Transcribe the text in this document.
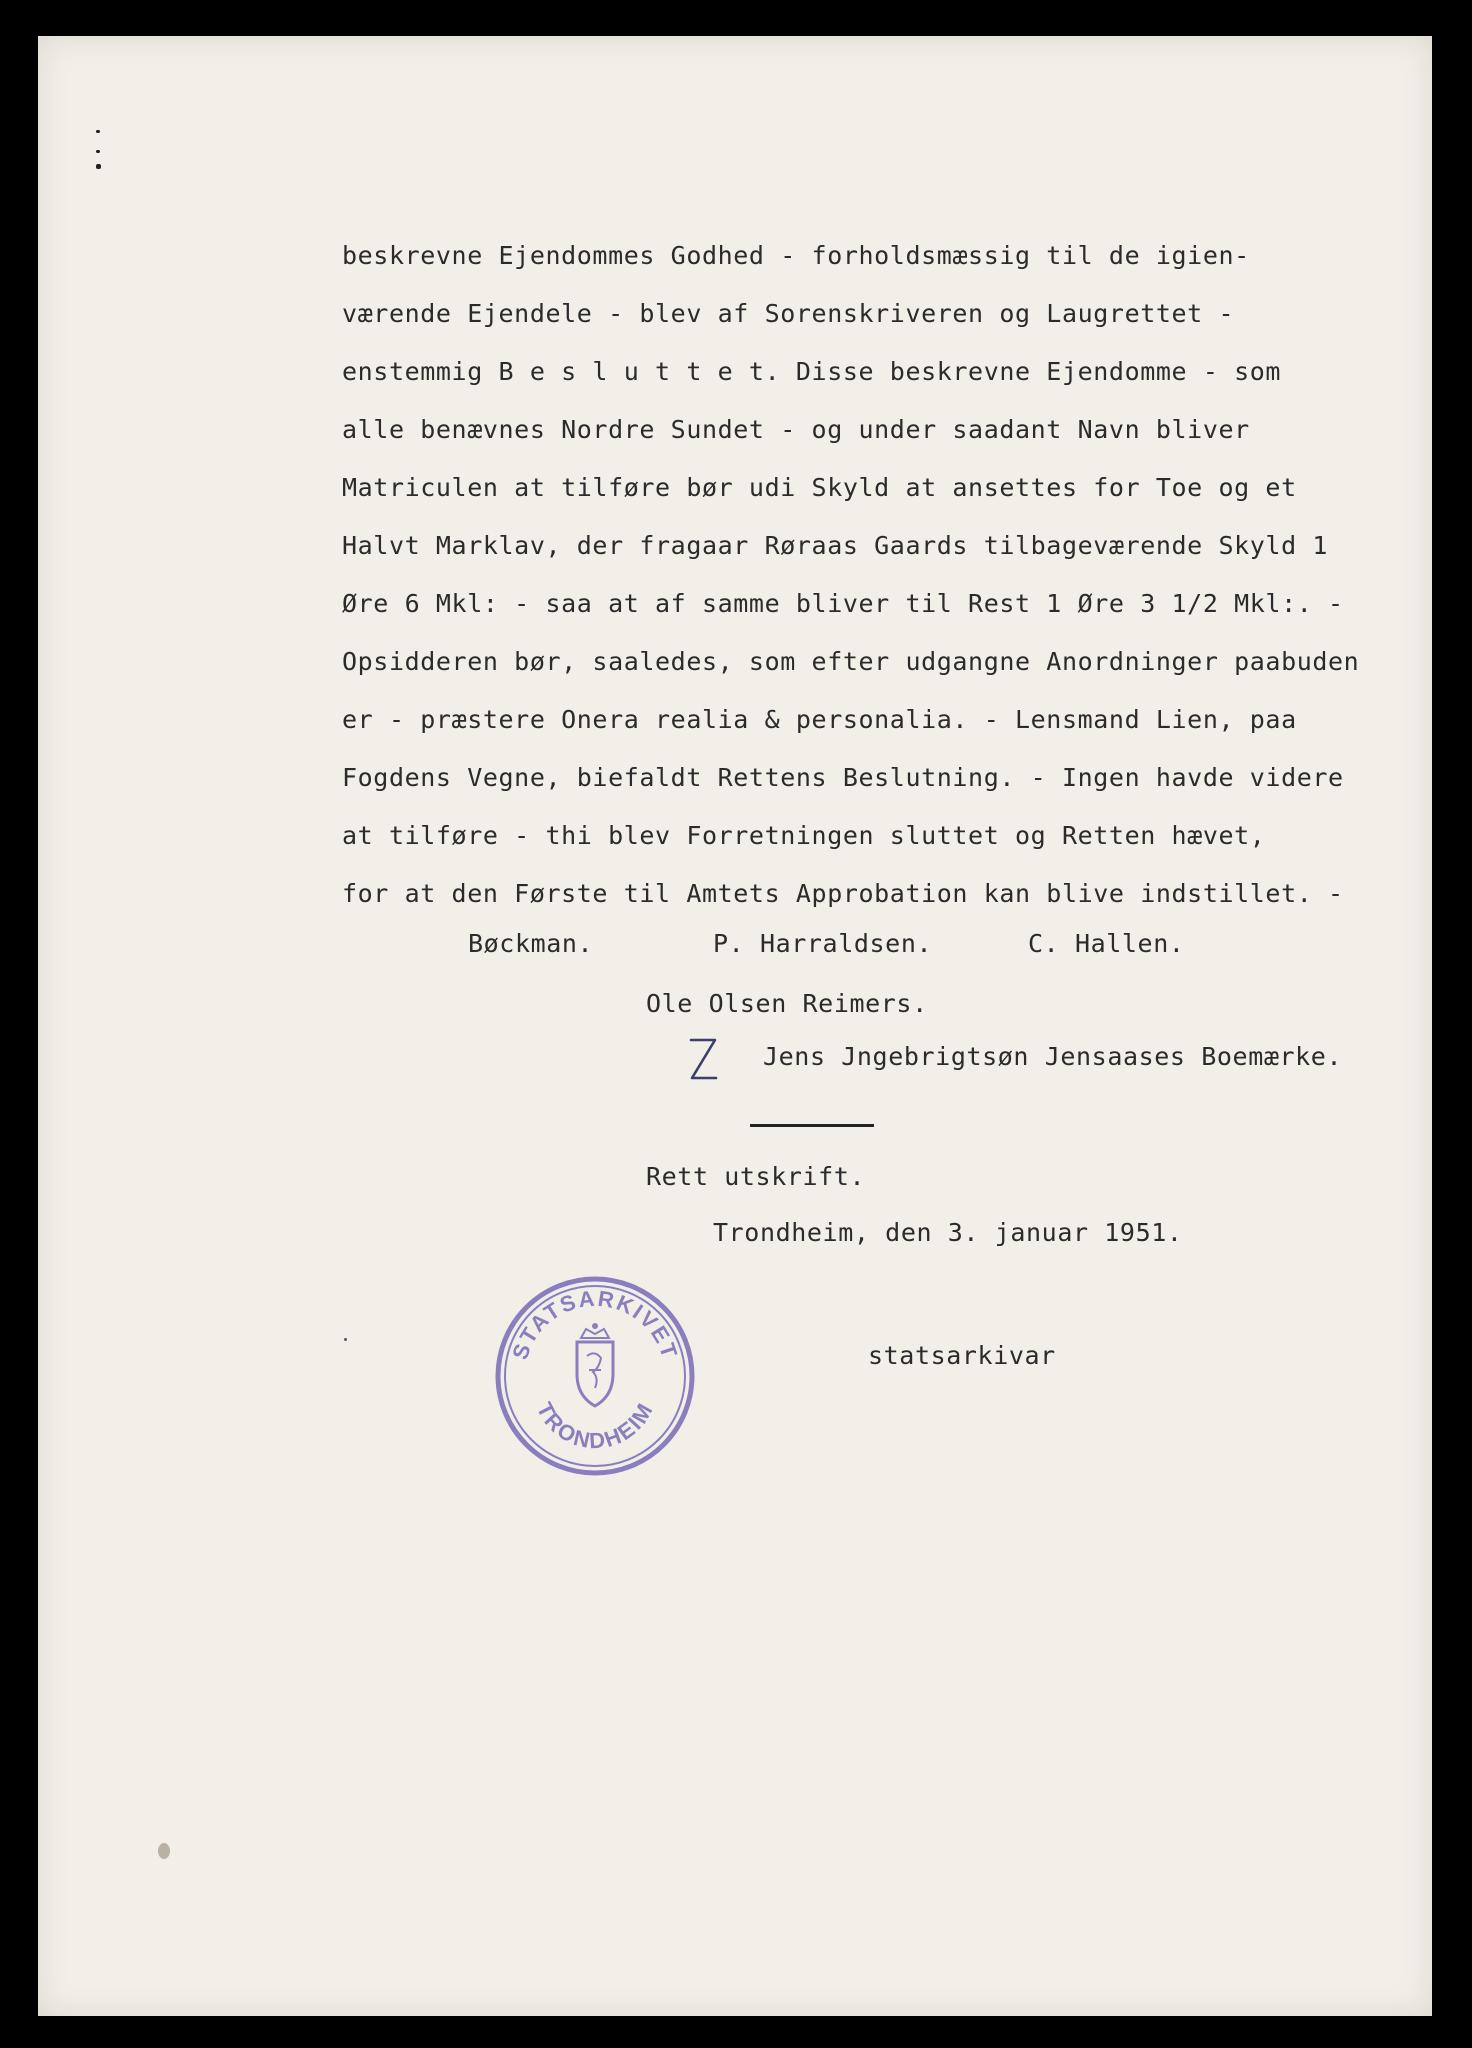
beskrevne Ejendommes Godhed - forholdsmæssig til de igien-
værende Ejendele - blev af Sorenskriveren og Laugrettet -
enstemmig B e s l u t t e t. Disse beskrevne Ejendomme - som
alle benævnes Nordre Sundet - og under saadant Navn bliver
Matriculen at tilføre bør udi Skyld at ansettes for Toe og et
Halvt Marklav, der fragaar Røraas Gaards tilbageværende Skyld 1
Øre 6 Mkl: - saa at af samme bliver til Rest 1 Øre 3 1/2 Mkl:. -
Opsidderen bør, saaledes, som efter udgangne Anordninger paabuden
er - præstere Onera realia & personalia. - Lensmand Lien, paa
Fogdens Vegne, biefaldt Rettens Beslutning. - Ingen havde videre
at tilføre - thi blev Forretningen sluttet og Retten hævet,
for at den Første til Amtets Approbation kan blive indstillet. -
Bøckman.	P. Harraldsen.	C. Hallen.
Ole Olsen Reimers.
Jens Jngebrigtsøn Jensaases Boemærke.
Rett utskrift.
Trondheim, den 3. januar 1951.
STATSARKIVET
TRONDHEIM
statsarkivar
